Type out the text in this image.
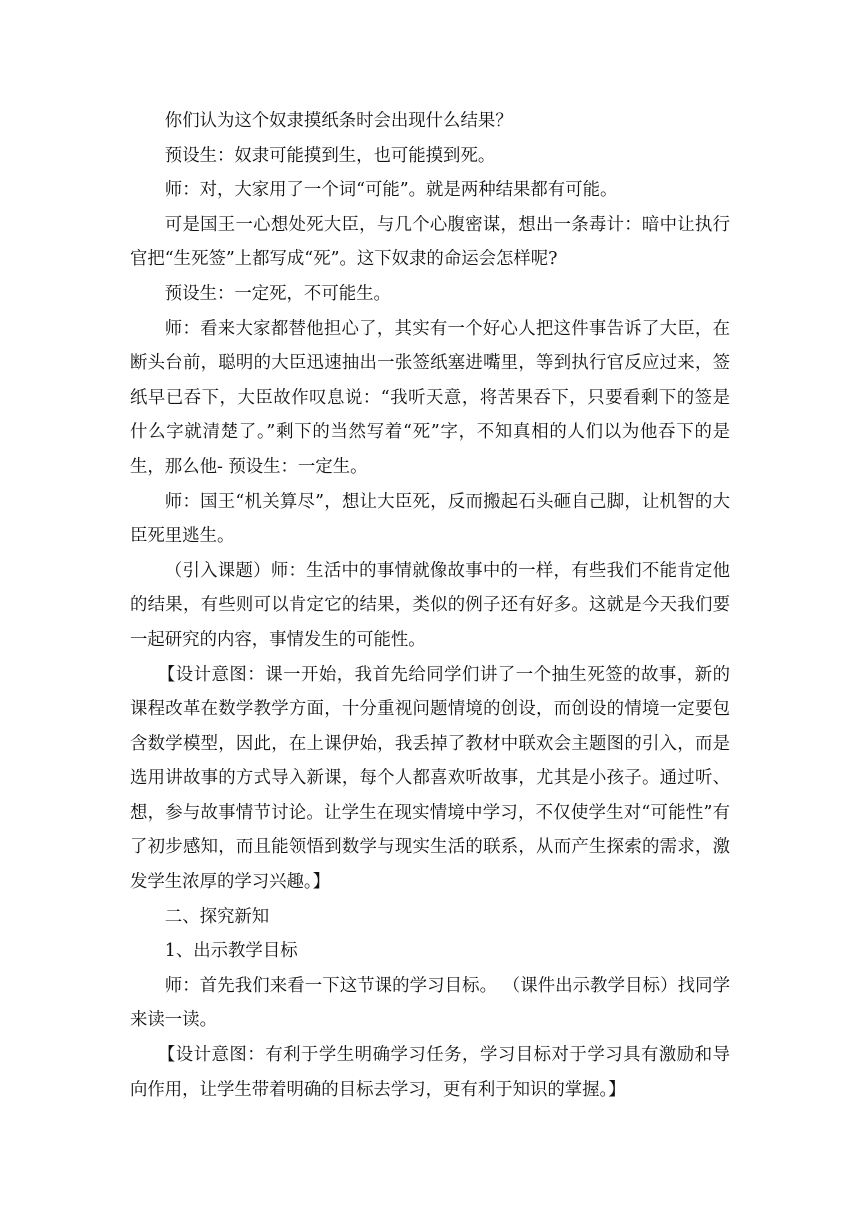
你们认为这个奴隶摸纸条时会出现什么结果？

预设生：奴隶可能摸到生，也可能摸到死。

师：对，大家用了一个词“可能”。就是两种结果都有可能。

可是国王一心想处死大臣，与几个心腹密谋，想出一条毒计：暗中让执行官把“生死签”上都写成“死”。这下奴隶的命运会怎样呢?

预设生：一定死，不可能生。

师：看来大家都替他担心了，其实有一个好心人把这件事告诉了大臣，在断头台前，聪明的大臣迅速抽出一张签纸塞进嘴里，等到执行官反应过来，签纸早已吞下，大臣故作叹息说：“我听天意，将苦果吞下，只要看剩下的签是什么字就清楚了。”剩下的当然写着“死”字，不知真相的人们以为他吞下的是生，那么他- 预设生：一定生。

师：国王“机关算尽”，想让大臣死，反而搬起石头砸自己脚，让机智的大臣死里逃生。

（引入课题）师：生活中的事情就像故事中的一样，有些我们不能肯定他的结果，有些则可以肯定它的结果，类似的例子还有好多。这就是今天我们要一起研究的内容，事情发生的可能性。

【设计意图：课一开始，我首先给同学们讲了一个抽生死签的故事，新的课程改革在数学教学方面，十分重视问题情境的创设，而创设的情境一定要包含数学模型，因此，在上课伊始，我丢掉了教材中联欢会主题图的引入，而是选用讲故事的方式导入新课，每个人都喜欢听故事，尤其是小孩子。通过听、想，参与故事情节讨论。让学生在现实情境中学习，不仅使学生对“可能性”有了初步感知，而且能领悟到数学与现实生活的联系，从而产生探索的需求，激发学生浓厚的学习兴趣。】

二、探究新知

1、出示教学目标

师：首先我们来看一下这节课的学习目标。 （课件出示教学目标）找同学来读一读。

【设计意图：有利于学生明确学习任务，学习目标对于学习具有激励和导向作用，让学生带着明确的目标去学习，更有利于知识的掌握。】
